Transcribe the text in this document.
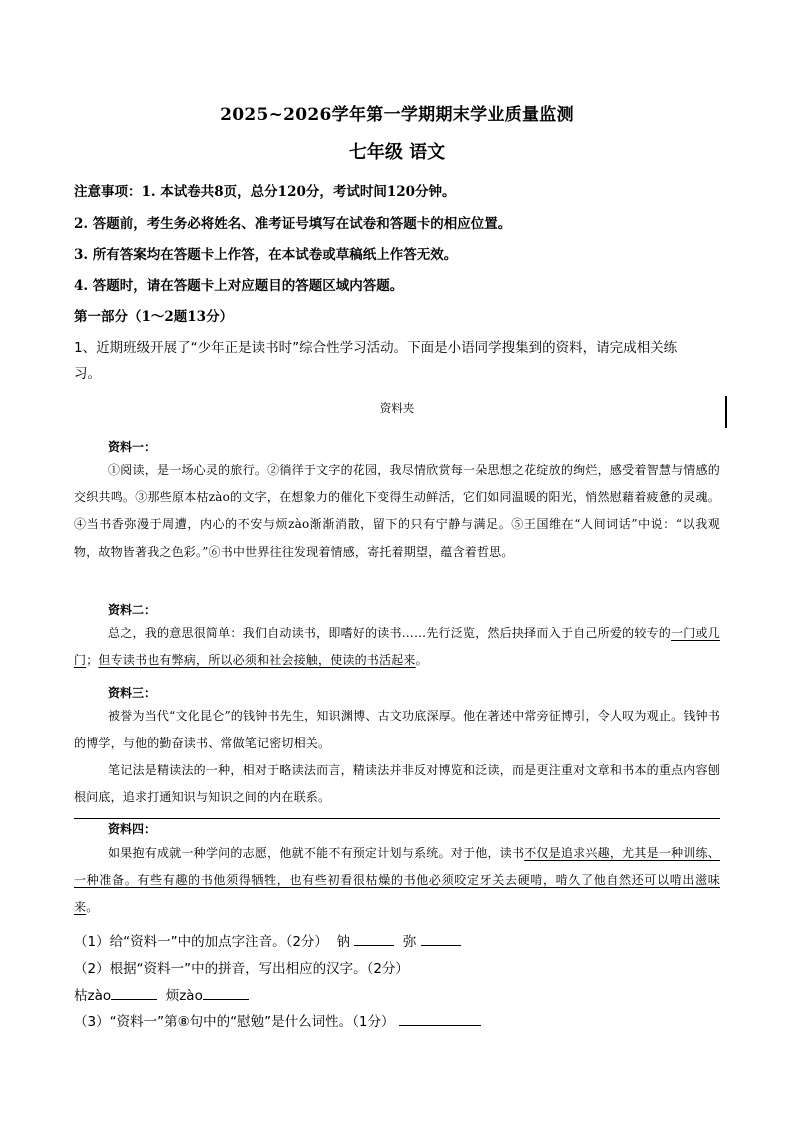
2025~2026学年第一学期期末学业质量监测
七年级 语文
注意事项：1. 本试卷共8页，总分120分，考试时间120分钟。
2. 答题前，考生务必将姓名、准考证号填写在试卷和答题卡的相应位置。
3. 所有答案均在答题卡上作答，在本试卷或草稿纸上作答无效。
4. 答题时，请在答题卡上对应题目的答题区域内答题。
第一部分（1～2题13分）
1、近期班级开展了“少年正是读书时”综合性学习活动。下面是小语同学搜集到的资料，请完成相关练
习。
资料夹
资料一：
①阅读，是一场心灵的旅行。②徜徉于文字的花园，我尽情欣赏每一朵思想之花绽放的绚烂，感受着智慧与情感的交织共鸣。③那些原本枯zào的文字，在想象力的催化下变得生动鲜活，它们如同温暖的阳光，悄然慰藉着疲惫的灵魂。④当书香弥漫于周遭，内心的不安与烦zào渐渐消散，留下的只有宁静与满足。⑤王国维在“人间词话”中说：“以我观物，故物皆著我之色彩。”⑥书中世界往往发现着情感，寄托着期望，蕴含着哲思。
资料二：
总之，我的意思很简单：我们自动读书，即嗜好的读书……先行泛览，然后抉择而入于自己所爱的较专的一门或几门；但专读书也有弊病，所以必须和社会接触，使读的书活起来。
资料三：
被誉为当代“文化昆仑”的钱钟书先生，知识渊博、古文功底深厚。他在著述中常旁征博引，令人叹为观止。钱钟书的博学，与他的勤奋读书、常做笔记密切相关。
笔记法是精读法的一种，相对于略读法而言，精读法并非反对博览和泛读，而是更注重对文章和书本的重点内容刨根问底，追求打通知识与知识之间的内在联系。
资料四：
如果抱有成就一种学问的志愿，他就不能不有预定计划与系统。对于他，读书不仅是追求兴趣，尤其是一种训练、一种准备。有些有趣的书他须得牺牲，也有些初看很枯燥的书他必须咬定牙关去硬啃，啃久了他自然还可以啃出滋味来。
（1）给“资料一”中的加点字注音。（2分） 钠	弥
（2）根据“资料一”中的拼音，写出相应的汉字。（2分）
枯zào	烦zào
（3）“资料一”第⑧句中的“慰勉”是什么词性。（1分）
